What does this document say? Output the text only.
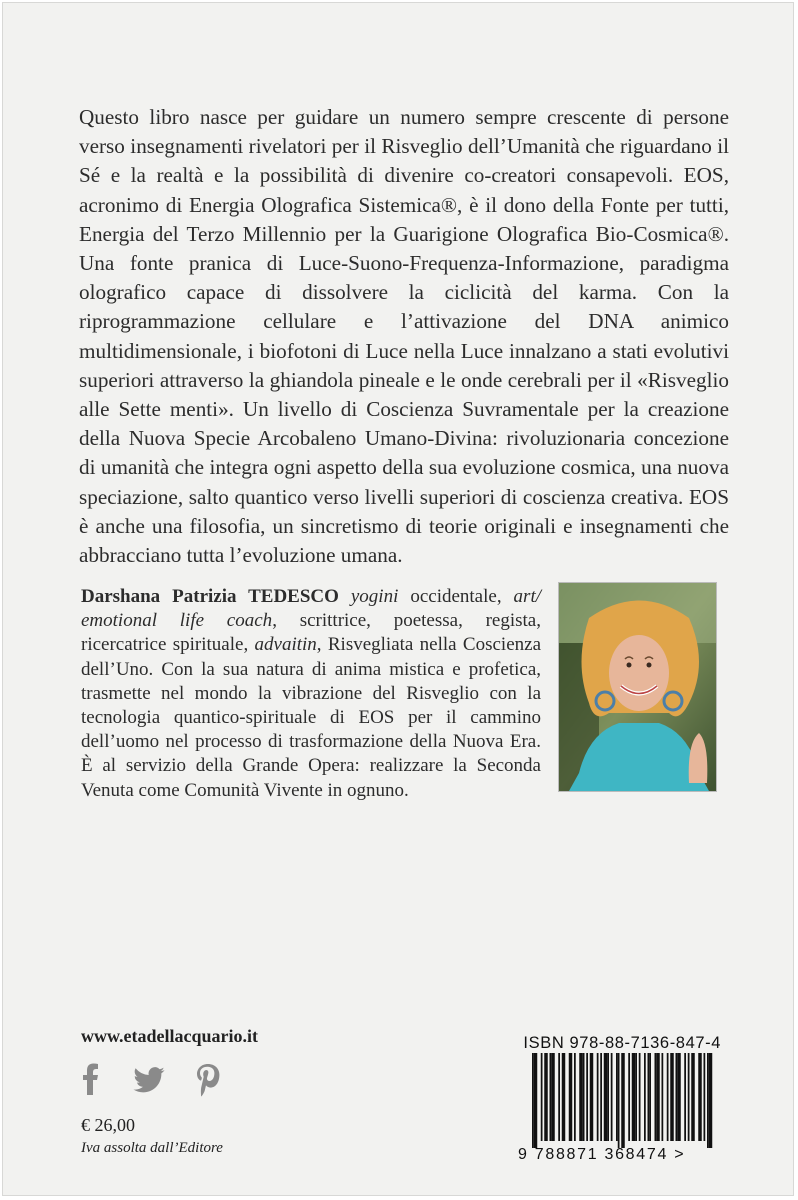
Questo libro nasce per guidare un numero sempre crescente di persone verso insegnamenti rivelatori per il Risveglio dell’Umanità che riguardano il Sé e la realtà e la possibilità di divenire co-creatori consapevoli. EOS, acronimo di Energia Olografica Sistemica®, è il dono della Fonte per tutti, Energia del Terzo Millennio per la Guarigione Olografica Bio-Cosmica®. Una fonte pranica di Luce-Suono-Frequenza-Informazione, paradigma olografico capace di dissolvere la ciclicità del karma. Con la riprogrammazione cellulare e l’attivazione del DNA animico multidimensionale, i biofotoni di Luce nella Luce innalzano a stati evolutivi superiori attraverso la ghiandola pineale e le onde cerebrali per il «Risveglio alle Sette menti». Un livello di Coscienza Suvramentale per la creazione della Nuova Specie Arcobaleno Umano-Divina: rivoluzionaria concezione di umanità che integra ogni aspetto della sua evoluzione cosmica, una nuova speciazione, salto quantico verso livelli superiori di coscienza creativa. EOS è anche una filosofia, un sincretismo di teorie originali e insegnamenti che abbracciano tutta l’evoluzione umana.

Darshana Patrizia TEDESCO yogini occidentale, art/ emotional life coach, scrittrice, poetessa, regista, ricercatrice spirituale, advaitin, Risvegliata nella Coscienza dell’Uno. Con la sua natura di anima mistica e profetica, trasmette nel mondo la vibrazione del Risveglio con la tecnologia quantico-spirituale di EOS per il cammino dell’uomo nel processo di trasformazione della Nuova Era. È al servizio della Grande Opera: realizzare la Seconda Venuta come Comunità Vivente in ognuno.

www.etadellacquario.it
€ 26,00
Iva assolta dall’Editore
ISBN 978-88-7136-847-4
9 788871 368474 >
